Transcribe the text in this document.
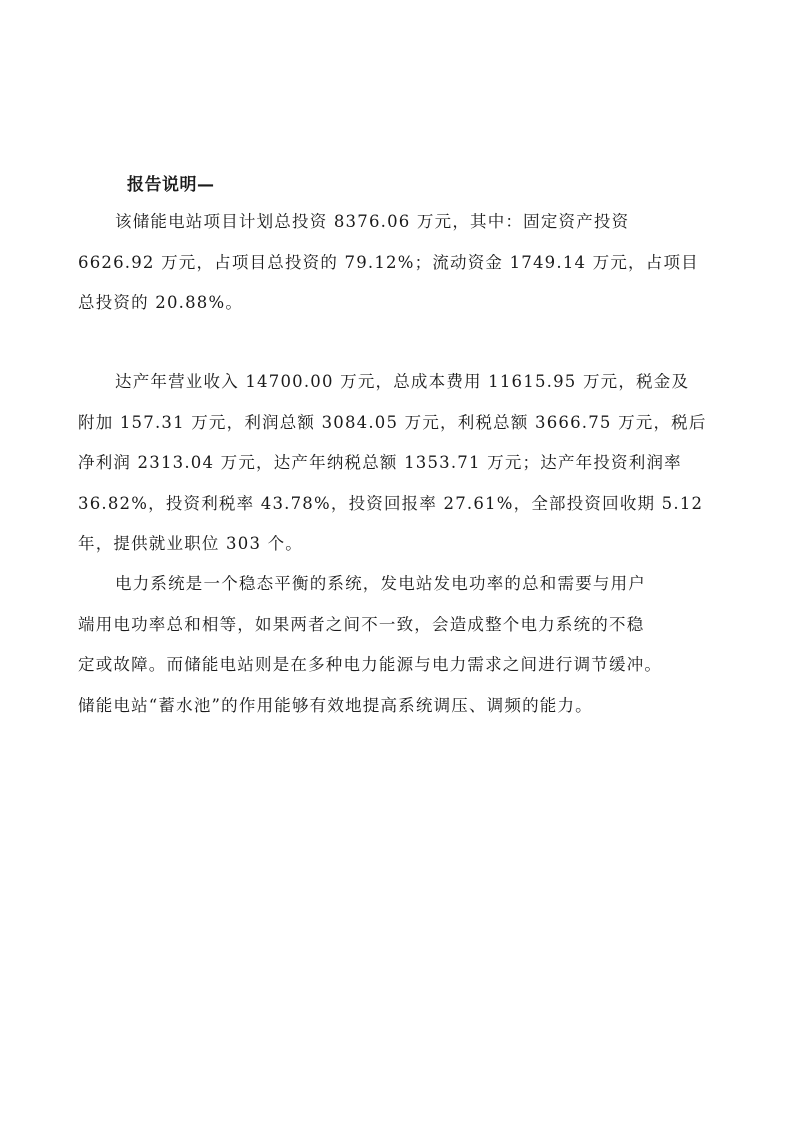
报告说明—
该储能电站项目计划总投资 8376.06 万元，其中：固定资产投资
6626.92 万元，占项目总投资的 79.12%；流动资金 1749.14 万元，占项目
总投资的 20.88%。
达产年营业收入 14700.00 万元，总成本费用 11615.95 万元，税金及
附加 157.31 万元，利润总额 3084.05 万元，利税总额 3666.75 万元，税后
净利润 2313.04 万元，达产年纳税总额 1353.71 万元；达产年投资利润率
36.82%，投资利税率 43.78%，投资回报率 27.61%，全部投资回收期 5.12
年，提供就业职位 303 个。
电力系统是一个稳态平衡的系统，发电站发电功率的总和需要与用户
端用电功率总和相等，如果两者之间不一致，会造成整个电力系统的不稳
定或故障。而储能电站则是在多种电力能源与电力需求之间进行调节缓冲。
储能电站“蓄水池”的作用能够有效地提高系统调压、调频的能力。
